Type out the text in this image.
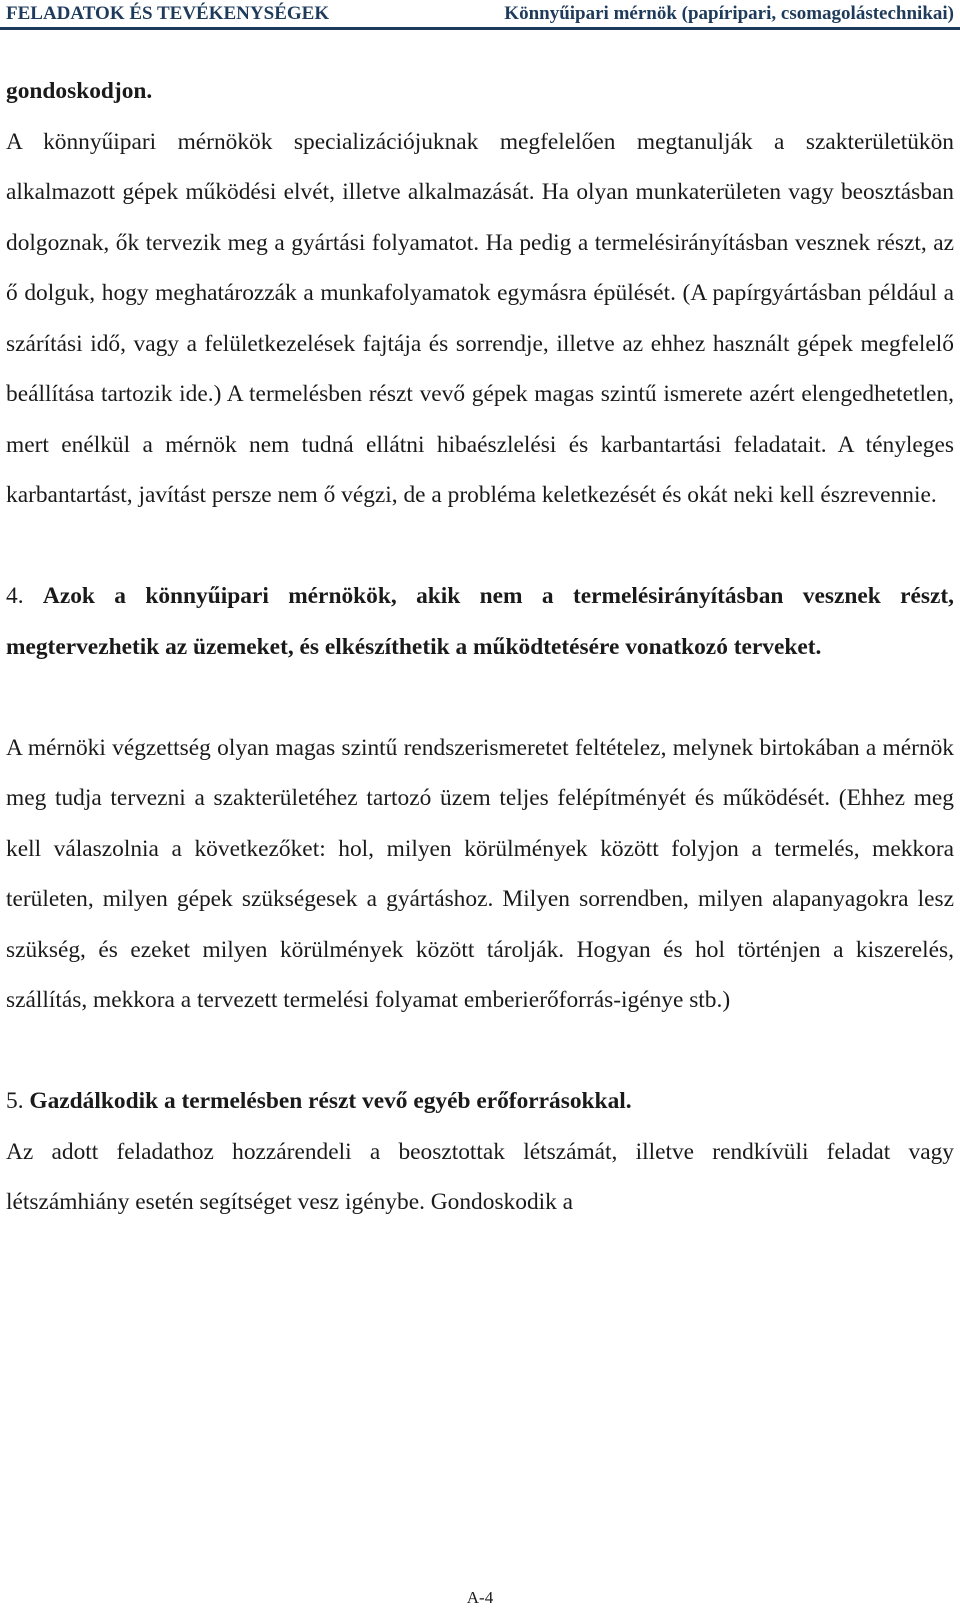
FELADATOK ÉS TEVÉKENYSÉGEK	Könnyűipari mérnök (papíripari, csomagolástechnikai)

gondoskodjon.

A könnyűipari mérnökök specializációjuknak megfelelően megtanulják a szakterületükön alkalmazott gépek működési elvét, illetve alkalmazását. Ha olyan munkaterületen vagy beosztásban dolgoznak, ők tervezik meg a gyártási folyamatot. Ha pedig a termelésirányításban vesznek részt, az ő dolguk, hogy meghatározzák a munkafolyamatok egymásra épülését. (A papírgyártásban például a szárítási idő, vagy a felületkezelések fajtája és sorrendje, illetve az ehhez használt gépek megfelelő beállítása tartozik ide.) A termelésben részt vevő gépek magas szintű ismerete azért elengedhetetlen, mert enélkül a mérnök nem tudná ellátni hibaészlelési és karbantartási feladatait. A tényleges karbantartást, javítást persze nem ő végzi, de a probléma keletkezését és okát neki kell észrevennie.

4. Azok a könnyűipari mérnökök, akik nem a termelésirányításban vesznek részt, megtervezhetik az üzemeket, és elkészíthetik a működtetésére vonatkozó terveket.

A mérnöki végzettség olyan magas szintű rendszerismeretet feltételez, melynek birtokában a mérnök meg tudja tervezni a szakterületéhez tartozó üzem teljes felépítményét és működését. (Ehhez meg kell válaszolnia a következőket: hol, milyen körülmények között folyjon a termelés, mekkora területen, milyen gépek szükségesek a gyártáshoz. Milyen sorrendben, milyen alapanyagokra lesz szükség, és ezeket milyen körülmények között tárolják. Hogyan és hol történjen a kiszerelés, szállítás, mekkora a tervezett termelési folyamat emberierőforrás-igénye stb.)

5. Gazdálkodik a termelésben részt vevő egyéb erőforrásokkal.

Az adott feladathoz hozzárendeli a beosztottak létszámát, illetve rendkívüli feladat vagy létszámhiány esetén segítséget vesz igénybe. Gondoskodik a

A-4
